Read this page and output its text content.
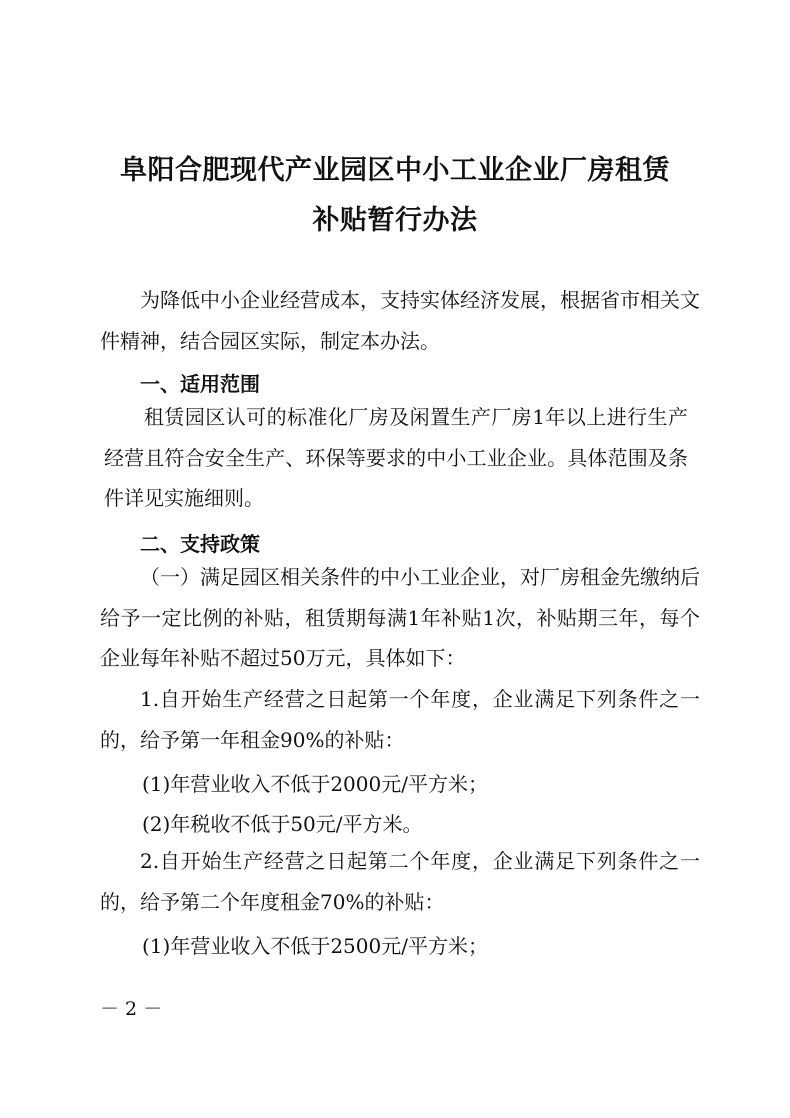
阜阳合肥现代产业园区中小工业企业厂房租赁
补贴暂行办法
为降低中小企业经营成本，支持实体经济发展，根据省市相关文件精神，结合园区实际，制定本办法。
一、适用范围
租赁园区认可的标准化厂房及闲置生产厂房1年以上进行生产经营且符合安全生产、环保等要求的中小工业企业。具体范围及条件详见实施细则。
二、支持政策
（一）满足园区相关条件的中小工业企业，对厂房租金先缴纳后给予一定比例的补贴，租赁期每满1年补贴1次，补贴期三年，每个企业每年补贴不超过50万元，具体如下：
1.自开始生产经营之日起第一个年度，企业满足下列条件之一的，给予第一年租金90%的补贴：
(1)年营业收入不低于2000元/平方米；
(2)年税收不低于50元/平方米。
2.自开始生产经营之日起第二个年度，企业满足下列条件之一的，给予第二个年度租金70%的补贴：
(1)年营业收入不低于2500元/平方米；
－ 2 －
